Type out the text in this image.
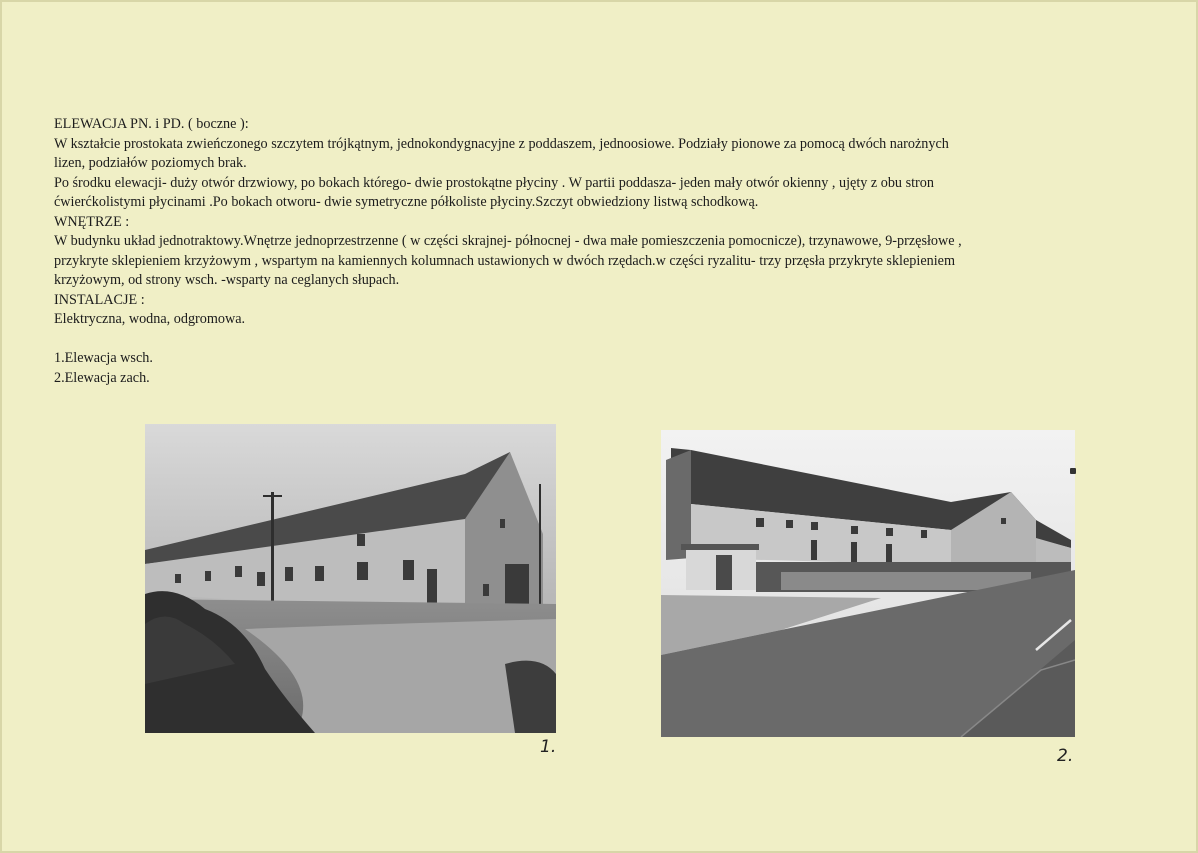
ELEWACJA PN. i PD. ( boczne ):
W kształcie prostokata zwieńczonego szczytem trójkątnym, jednokondygnacyjne z poddaszem, jednoosiowe. Podziały pionowe za pomocą dwóch narożnych
lizen, podziałów poziomych brak.
Po środku elewacji- duży otwór drzwiowy, po bokach którego- dwie prostokątne płyciny . W partii poddasza- jeden mały otwór okienny , ujęty z obu stron
ćwierćkolistymi płycinami .Po bokach otworu- dwie symetryczne półkoliste płyciny.Szczyt obwiedziony listwą schodkową.
WNĘTRZE :
W budynku układ jednotraktowy.Wnętrze jednoprzestrzenne ( w części skrajnej- północnej - dwa małe pomieszczenia pomocnicze), trzynawowe, 9-przęsłowe ,
przykryte sklepieniem krzyżowym , wspartym na kamiennych kolumnach ustawionych w dwóch rzędach.w części ryzalitu- trzy przęsła przykryte sklepieniem
krzyżowym, od strony wsch. -wsparty na ceglanych słupach.
INSTALACJE :
Elektryczna, wodna, odgromowa.
1.Elewacja wsch.
2.Elewacja zach.
1.	2.
